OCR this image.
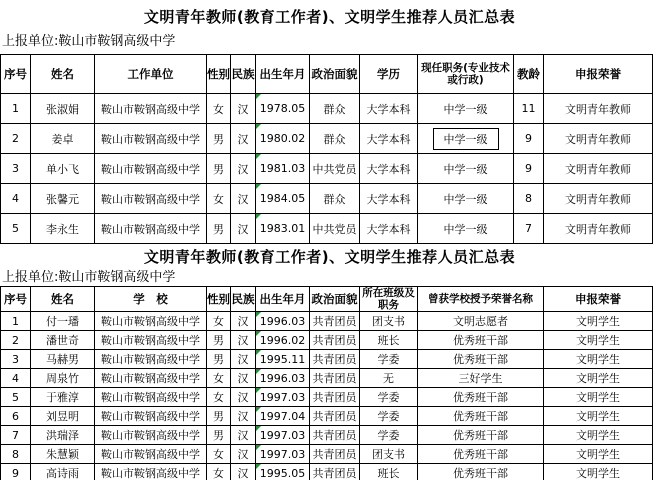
文明青年教师(教育工作者)、文明学生推荐人员汇总表
上报单位:鞍山市鞍钢高级中学
序号	姓名	工作单位	性别	民族	出生年月	政治面貌	学历	现任职务(专业技术或行政)	教龄	申报荣誉
1	张淑娟	鞍山市鞍钢高级中学	女	汉	1978.05	群众	大学本科	中学一级	11	文明青年教师
2	姜卓	鞍山市鞍钢高级中学	男	汉	1980.02	群众	大学本科	中学一级	9	文明青年教师
3	单小飞	鞍山市鞍钢高级中学	男	汉	1981.03	中共党员	大学本科	中学一级	9	文明青年教师
4	张馨元	鞍山市鞍钢高级中学	女	汉	1984.05	群众	大学本科	中学一级	8	文明青年教师
5	李永生	鞍山市鞍钢高级中学	男	汉	1983.01	中共党员	大学本科	中学一级	7	文明青年教师
文明青年教师(教育工作者)、文明学生推荐人员汇总表
上报单位:鞍山市鞍钢高级中学
序号	姓名	学　校	性别	民族	出生年月	政治面貌	所在班级及职务	曾获学校授予荣誉名称	申报荣誉
1	付一璠	鞍山市鞍钢高级中学	女	汉	1996.03	共青团员	团支书	文明志愿者	文明学生
2	潘世奇	鞍山市鞍钢高级中学	男	汉	1996.02	共青团员	班长	优秀班干部	文明学生
3	马赫男	鞍山市鞍钢高级中学	男	汉	1995.11	共青团员	学委	优秀班干部	文明学生
4	周泉竹	鞍山市鞍钢高级中学	女	汉	1996.03	共青团员	无	三好学生	文明学生
5	于雅淳	鞍山市鞍钢高级中学	女	汉	1997.03	共青团员	学委	优秀班干部	文明学生
6	刘昱明	鞍山市鞍钢高级中学	男	汉	1997.04	共青团员	学委	优秀班干部	文明学生
7	洪瑞泽	鞍山市鞍钢高级中学	男	汉	1997.03	共青团员	学委	优秀班干部	文明学生
8	朱慧颖	鞍山市鞍钢高级中学	女	汉	1997.03	共青团员	团支书	优秀班干部	文明学生
9	高诗雨	鞍山市鞍钢高级中学	女	汉	1995.05	共青团员	班长	优秀班干部	文明学生
